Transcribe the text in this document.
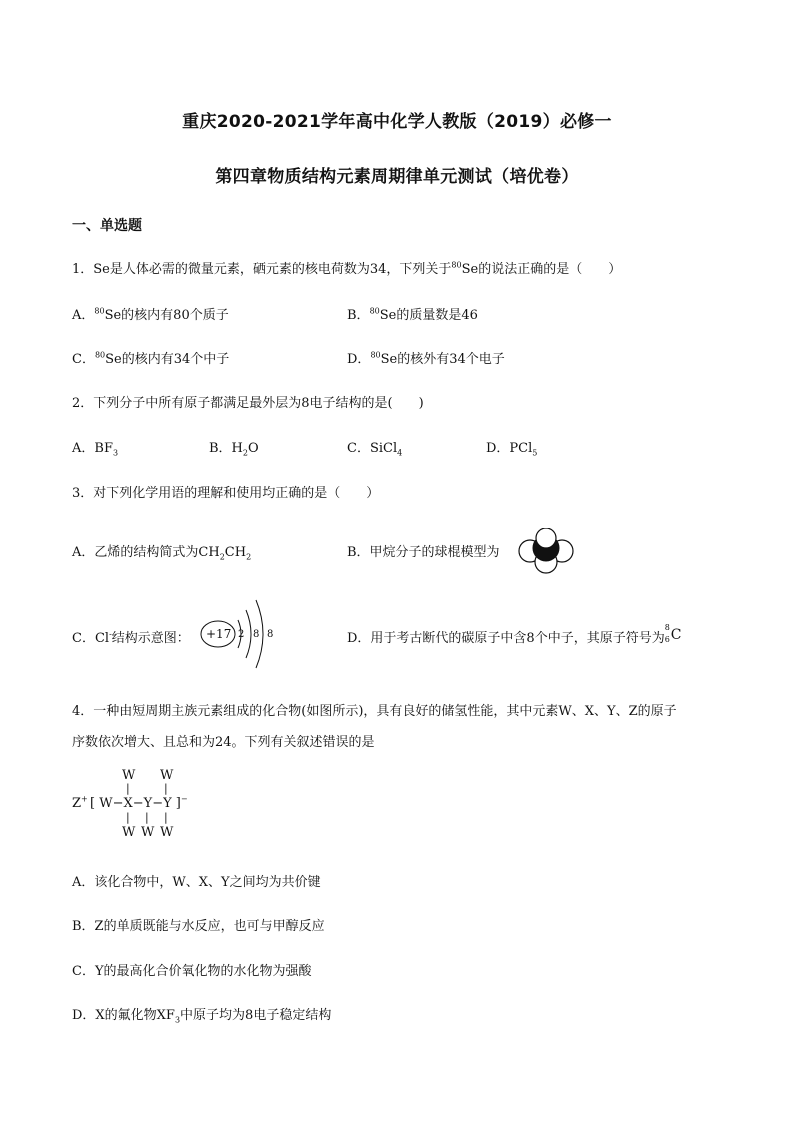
重庆2020-2021学年高中化学人教版（2019）必修一
第四章物质结构元素周期律单元测试（培优卷）
一、单选题
1．Se是人体必需的微量元素，硒元素的核电荷数为34，下列关于$^{80}$Se的说法正确的是（　　）
A．$^{80}$Se的核内有80个质子	B．$^{80}$Se的质量数是46
C．$^{80}$Se的核内有34个中子	D．$^{80}$Se的核外有34个电子
2．下列分子中所有原子都满足最外层为8电子结构的是(　　)
A．$BF_3$	B．$H_2O$	C．SiCl$_4$	D．PCl$_5$
3．对下列化学用语的理解和使用均正确的是（　　）
A．乙烯的结构简式为$CH_2CH_2$	B．甲烷分子的球棍模型为
C．Cl-结构示意图： +17 2 8 8	D．用于考古断代的碳原子中含8个中子，其原子符号为
8
6 C
4．一种由短周期主族元素组成的化合物(如图所示)，具有良好的储氢性能，其中元素W、X、Y、Z的原子
序数依次增大、且总和为24。下列有关叙述错误的是
W W
|	|
Z+ [ W−X−Y−Y ]−
| | |
W W W
A．该化合物中，W、X、Y之间均为共价键
B．Z的单质既能与水反应，也可与甲醇反应
C．Y的最高化合价氧化物的水化物为强酸
D．X的氟化物$XF_3$中原子均为8电子稳定结构
